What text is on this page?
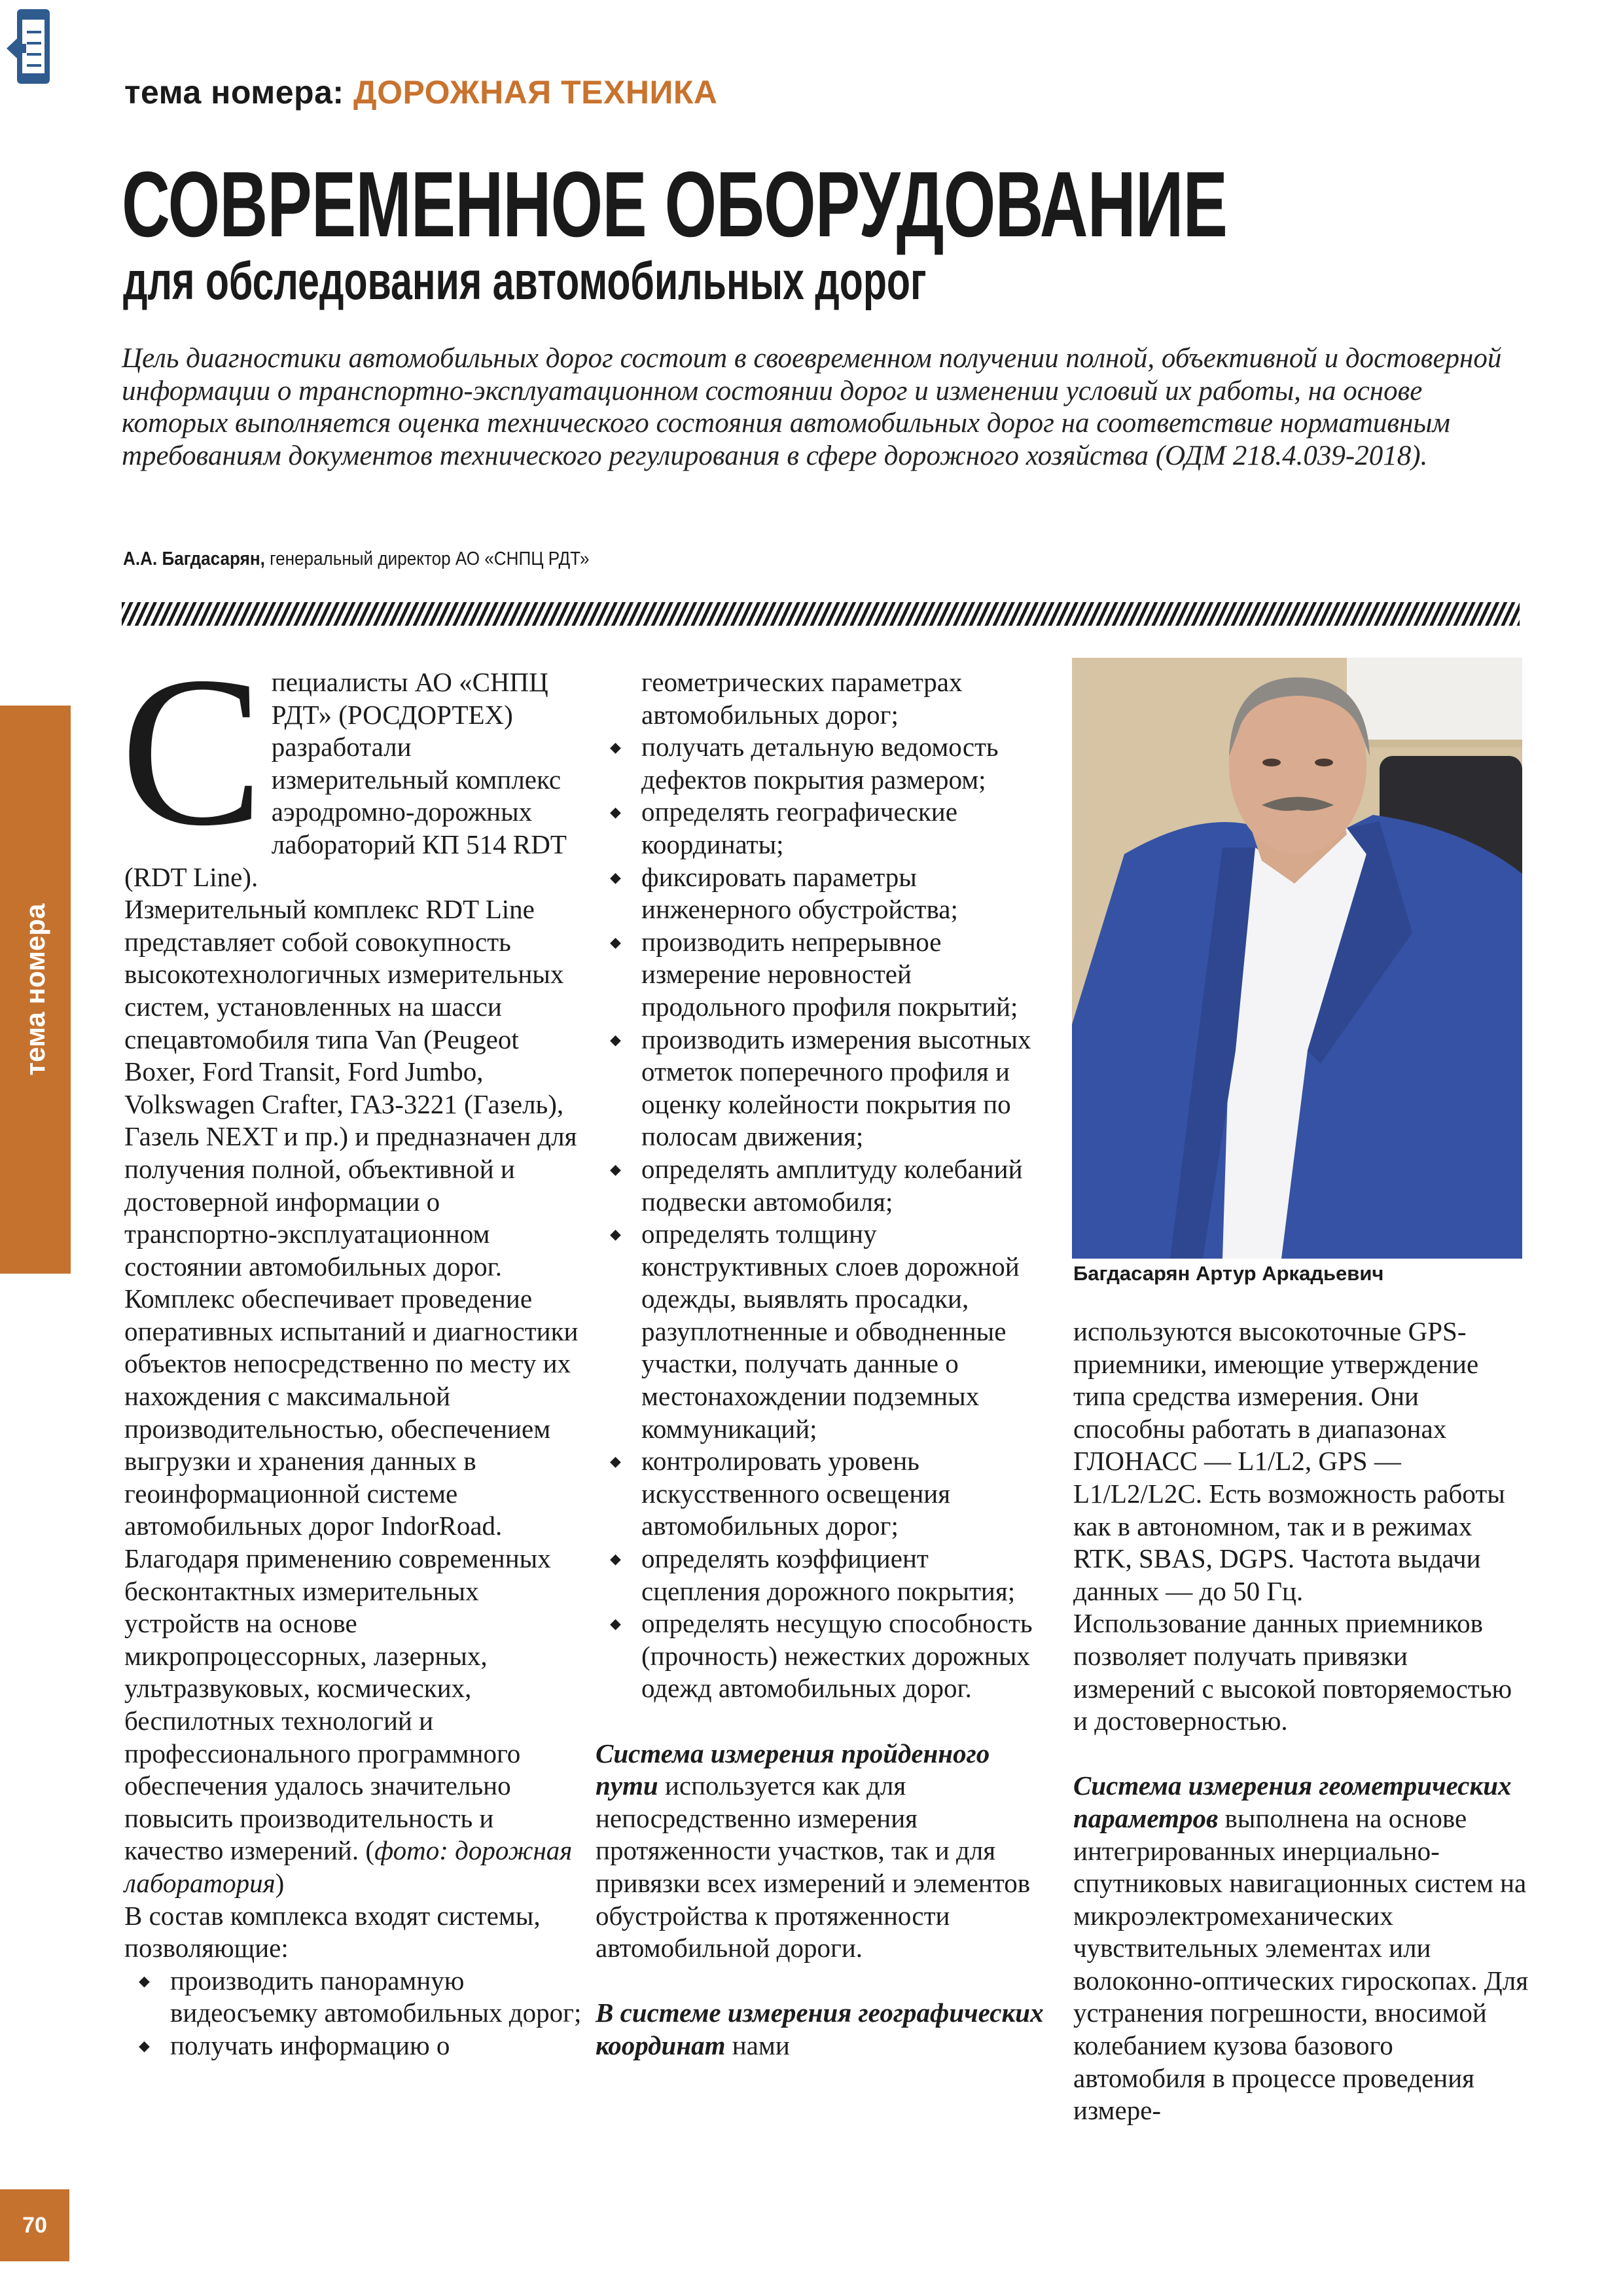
тема номера: ДОРОЖНАЯ ТЕХНИКА
СОВРЕМЕННОЕ ОБОРУДОВАНИЕ
для обследования автомобильных дорог
Цель диагностики автомобильных дорог состоит в своевременном получении полной, объективной и достоверной информации о транспортно-эксплуатационном состоянии дорог и изменении условий их работы, на основе которых выполняется оценка технического состояния автомобильных дорог на соответствие нормативным требованиям документов технического регулирования в сфере дорожного хозяйства (ОДМ 218.4.039-2018).
А.А. Багдасарян, генеральный директор АО «СНПЦ РДТ»
тема номера
70

Специалисты АО «СНПЦ РДТ» (РОСДОРТЕХ) разработали измерительный комплекс аэродромно-дорожных лабораторий КП 514 RDT (RDT Line).

Измерительный комплекс RDT Line представляет собой совокупность высокотехнологичных измерительных систем, установленных на шасси спецавтомобиля типа Van (Peugeot Boxer, Ford Transit, Ford Jumbo, Volkswagen Crafter, ГАЗ-3221 (Газель), Газель NEXT и пр.) и предназначен для получения полной, объективной и достоверной информации о транспортно-эксплуатационном состоянии автомобильных дорог.

Комплекс обеспечивает проведение оперативных испытаний и диагностики объектов непосредственно по месту их нахождения с максимальной производительностью, обеспечением выгрузки и хранения данных в геоинформационной системе автомобильных дорог IndorRoad.

Благодаря применению современных бесконтактных измерительных устройств на основе микропроцессорных, лазерных, ультразвуковых, космических, беспилотных технологий и профессионального программного обеспечения удалось значительно повысить производительность и качество измерений. (фото: дорожная лаборатория)

В состав комплекса входят системы, позволяющие:

◆ производить панорамную видеосъемку автомобильных дорог;
◆ получать информацию о
геометрических параметрах автомобильных дорог;
◆ получать детальную ведомость дефектов покрытия размером;
◆ определять географические координаты;
◆ фиксировать параметры инженерного обустройства;
◆ производить непрерывное измерение неровностей продольного профиля покрытий;
◆ производить измерения высотных отметок поперечного профиля и оценку колейности покрытия по полосам движения;
◆ определять амплитуду колебаний подвески автомобиля;
◆ определять толщину конструктивных слоев дорожной одежды, выявлять просадки, разуплотненные и обводненные участки, получать данные о местонахождении подземных коммуникаций;
◆ контролировать уровень искусственного освещения автомобильных дорог;
◆ определять коэффициент сцепления дорожного покрытия;
◆ определять несущую способность (прочность) нежестких дорожных одежд автомобильных дорог.

Система измерения пройденного пути используется как для непосредственно измерения протяженности участков, так и для привязки всех измерений и элементов обустройства к протяженности автомобильной дороги.

В системе измерения географических координат нами

Багдасарян Артур Аркадьевич

используются высокоточные GPS-приемники, имеющие утверждение типа средства измерения. Они способны работать в диапазонах ГЛОНАСС — L1/L2, GPS — L1/L2/L2C. Есть возможность работы как в автономном, так и в режимах RTK, SBAS, DGPS. Частота выдачи данных — до 50 Гц.

Использование данных приемников позволяет получать привязки измерений с высокой повторяемостью и достоверностью.

Система измерения геометрических параметров выполнена на основе интегрированных инерциально-спутниковых навигационных систем на микроэлектромеханических чувствительных элементах или волоконно-оптических гироскопах. Для устранения погрешности, вносимой колебанием кузова базового автомобиля в процессе проведения измере-
